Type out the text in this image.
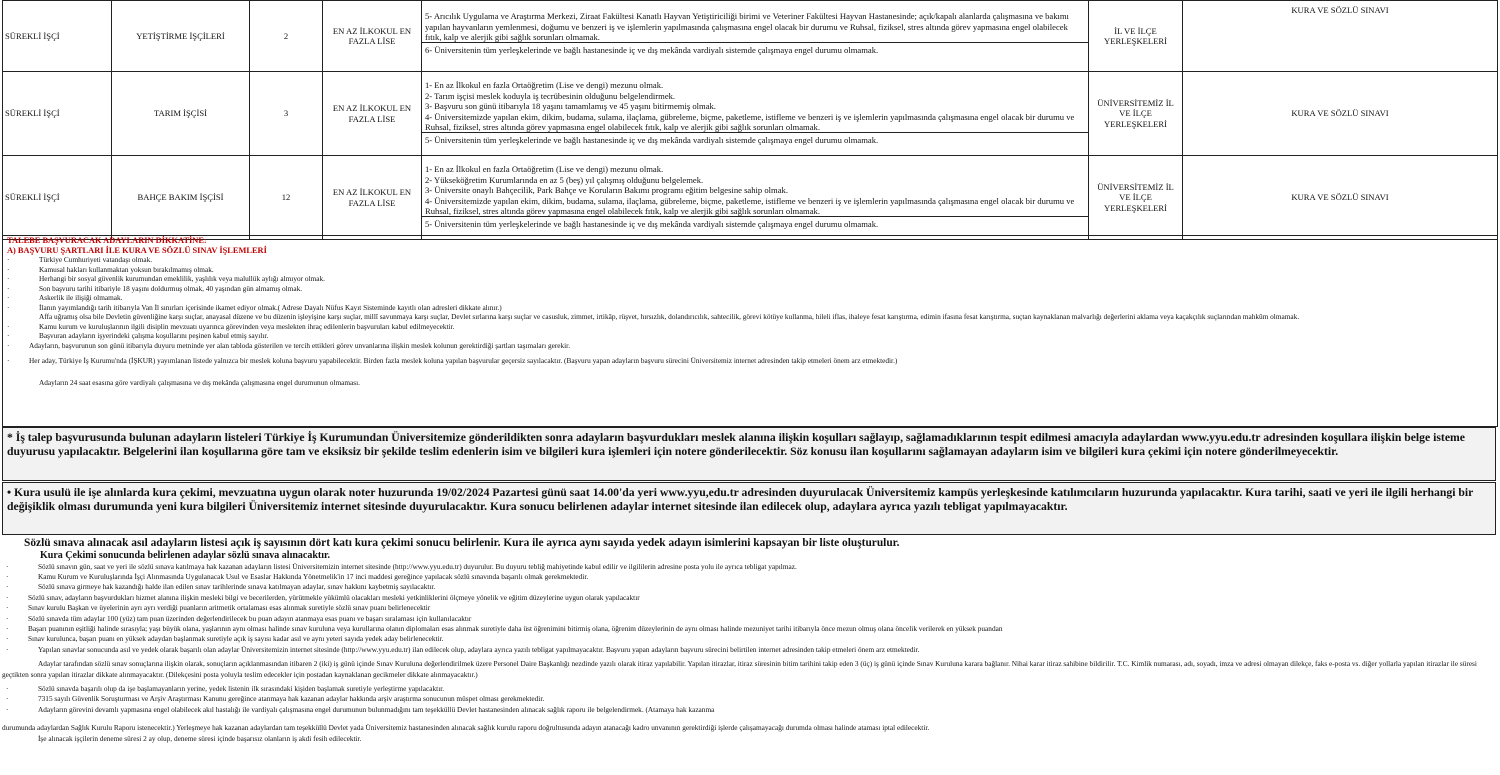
SÜREKLİ İŞÇİ	YETİŞTİRME İŞÇİLERİ	2	EN AZ İLKOKUL EN FAZLA LİSE	5- Arıcılık Uygulama ve Araştırma Merkezi, Ziraat Fakültesi Kanatlı Hayvan Yetiştiriciliği birimi ve Veteriner Fakültesi Hayvan Hastanesinde; açık/kapalı alanlarda çalışmasına ve bakımı yapılan hayvanların yemlenmesi, doğumu ve benzeri iş ve işlemlerin yapılmasında çalışmasına engel olacak bir durumu ve Ruhsal, fiziksel, stres altında görev yapmasına engel olabilecek fıtık, kalp ve alerjik gibi sağlık sorunları olmamak.
6- Üniversitenin tüm yerleşkelerinde ve bağlı hastanesinde iç ve dış mekânda vardiyalı sistemde çalışmaya engel durumu olmamak.	İL VE İLÇE YERLEŞKELERİ	KURA VE SÖZLÜ SINAVI
SÜREKLİ İŞÇİ	TARIM İŞÇİSİ	3	EN AZ İLKOKUL EN FAZLA LİSE	1- En az İlkokul en fazla Ortaöğretim (Lise ve dengi) mezunu olmak.
2- Tarım işçisi meslek koduyla iş tecrübesinin olduğunu belgelendirmek.
3- Başvuru son günü itibarıyla 18 yaşını tamamlamış ve 45 yaşını bitirmemiş olmak.
4- Üniversitemizde yapılan ekim, dikim, budama, sulama, ilaçlama, gübreleme, biçme, paketleme, istifleme ve benzeri iş ve işlemlerin yapılmasında çalışmasına engel olacak bir durumu ve Ruhsal, fiziksel, stres altında görev yapmasına engel olabilecek fıtık, kalp ve alerjik gibi sağlık sorunları olmamak.
5- Üniversitenin tüm yerleşkelerinde ve bağlı hastanesinde iç ve dış mekânda vardiyalı sistemde çalışmaya engel durumu olmamak.	ÜNİVERSİTEMİZ İL VE İLÇE YERLEŞKELERİ	KURA VE SÖZLÜ SINAVI
SÜREKLİ İŞÇİ	BAHÇE BAKIM İŞÇİSİ	12	EN AZ İLKOKUL EN FAZLA LİSE	1- En az İlkokul en fazla Ortaöğretim (Lise ve dengi) mezunu olmak.
2- Yükseköğretim Kurumlarında en az 5 (beş) yıl çalışmış olduğunu belgelemek.
3- Üniversite onaylı Bahçecilik, Park Bahçe ve Koruların Bakımı programı eğitim belgesine sahip olmak.
4- Üniversitemizde yapılan ekim, dikim, budama, sulama, ilaçlama, gübreleme, biçme, paketleme, istifleme ve benzeri iş ve işlemlerin yapılmasında çalışmasına engel olacak bir durumu ve Ruhsal, fiziksel, stres altında görev yapmasına engel olabilecek fıtık, kalp ve alerjik gibi sağlık sorunları olmamak.
5- Üniversitenin tüm yerleşkelerinde ve bağlı hastanesinde iç ve dış mekânda vardiyalı sistemde çalışmaya engel durumu olmamak.	ÜNİVERSİTEMİZ İL VE İLÇE YERLEŞKELERİ	KURA VE SÖZLÜ SINAVI
TALEBE BAŞVURACAK ADAYLARIN DİKKATİNE:
A) BAŞVURU ŞARTLARI İLE KURA VE SÖZLÜ SINAV İŞLEMLERİ
·	Türkiye Cumhuriyeti vatandaşı olmak.
·	Kamusal hakları kullanmaktan yoksun bırakılmamış olmak.
·	Herhangi bir sosyal güvenlik kurumundan emeklilik, yaşlılık veya malullük aylığı almıyor olmak.
·	Son başvuru tarihi itibariyle 18 yaşını doldurmuş olmak, 40 yaşından gün almamış olmak.
·	Askerlik ile ilişiği olmamak.
·	İlanın yayımlandığı tarih itibarıyla Van İl sınırları içerisinde ikamet ediyor olmak.( Adrese Dayalı Nüfus Kayıt Sisteminde kayıtlı olan adresleri dikkate alınır.)
Affa uğramış olsa bile Devletin güvenliğine karşı suçlar, anayasal düzene ve bu düzenin işleyişine karşı suçlar, millî savunmaya karşı suçlar, Devlet sırlarına karşı suçlar ve casusluk, zimmet, irtikâp, rüşvet, hırsızlık, dolandırıcılık, sahtecilik, görevi kötüye kullanma, hileli iflas, ihaleye fesat karıştırma, edimin ifasına fesat karıştırma, suçtan kaynaklanan malvarlığı değerlerini aklama veya kaçakçılık suçlarından mahkûm olmamak.
·	Kamu kurum ve kuruluşlarının ilgili disiplin mevzuatı uyarınca görevinden veya meslekten ihraç edilenlerin başvuruları kabul edilmeyecektir.
·	Başvuran adayların işyerindeki çalışma koşullarını peşinen kabul etmiş sayılır.
·	Adayların, başvurunun son günü itibarıyla duyuru metninde yer alan tabloda gösterilen ve tercih ettikleri görev unvanlarına ilişkin meslek kolunun gerektirdiği şartları taşımaları gerekir.
·	Her aday, Türkiye İş Kurumu'nda (İŞKUR) yayımlanan listede yalnızca bir meslek koluna başvuru yapabilecektir. Birden fazla meslek koluna yapılan başvurular geçersiz sayılacaktır. (Başvuru yapan adayların başvuru sürecini Üniversitemiz internet adresinden takip etmeleri önem arz etmektedir.)
Adayların 24 saat esasına göre vardiyalı çalışmasına ve dış mekânda çalışmasına engel durumunun olmaması.
* İş talep başvurusunda bulunan adayların listeleri Türkiye İş Kurumundan Üniversitemize gönderildikten sonra adayların başvurdukları meslek alanına ilişkin koşulları sağlayıp, sağlamadıklarının tespit edilmesi amacıyla adaylardan www.yyu.edu.tr adresinden koşullara ilişkin belge isteme duyurusu yapılacaktır. Belgelerini ilan koşullarına göre tam ve eksiksiz bir şekilde teslim edenlerin isim ve bilgileri kura işlemleri için notere gönderilecektir. Söz konusu ilan koşullarını sağlamayan adayların isim ve bilgileri kura çekimi için notere gönderilmeyecektir.
• Kura usulü ile işe alınlarda kura çekimi, mevzuatına uygun olarak noter huzurunda 19/02/2024 Pazartesi günü saat 14.00'da yeri www.yyu,edu.tr adresinden duyurulacak Üniversitemiz kampüs yerleşkesinde katılımcıların huzurunda yapılacaktır. Kura tarihi, saati ve yeri ile ilgili herhangi bir değişiklik olması durumunda yeni kura bilgileri Üniversitemiz internet sitesinde duyurulacaktır. Kura sonucu belirlenen adaylar internet sitesinde ilan edilecek olup, adaylara ayrıca yazılı tebligat yapılmayacaktır.
Sözlü sınava alınacak asıl adayların listesi açık iş sayısının dört katı kura çekimi sonucu belirlenir. Kura ile ayrıca aynı sayıda yedek adayın isimlerini kapsayan bir liste oluşturulur.
Kura Çekimi sonucunda belirlenen adaylar sözlü sınava alınacaktır.
·	Sözlü sınavın gün, saat ve yeri ile sözlü sınava katılmaya hak kazanan adayların listesi Üniversitemizin internet sitesinde (http://www.yyu.edu.tr) duyurulur. Bu duyuru tebliğ mahiyetinde kabul edilir ve ilgililerin adresine posta yolu ile ayrıca tebligat yapılmaz.
·	Kamu Kurum ve Kuruluşlarında İşçi Alınmasında Uygulanacak Usul ve Esaslar Hakkında Yönetmelik'in 17 inci maddesi gereğince yapılacak sözlü sınavında başarılı olmak gerekmektedir.
·	Sözlü sınava girmeye hak kazandığı halde ilan edilen sınav tarihlerinde sınava katılmayan adaylar, sınav hakkını kaybetmiş sayılacaktır.
·	Sözlü sınav, adayların başvurdukları hizmet alanına ilişkin mesleki bilgi ve becerilerden, yürütmekle yükümlü olacakları mesleki yetkinliklerini ölçmeye yönelik ve eğitim düzeylerine uygun olarak yapılacaktır
·	Sınav kurulu Başkan ve üyelerinin ayrı ayrı verdiği puanların aritmetik ortalaması esas alınmak suretiyle sözlü sınav puanı belirlenecektir
·	Sözlü sınavda tüm adaylar 100 (yüz) tam puan üzerinden değerlendirilecek bu puan adayın atanmaya esas puanı ve başarı sıralaması için kullanılacaktır
·	Başarı puanının eşitliği halinde sırasıyla; yaşı büyük olana, yaşlarının aynı olması halinde sınav kuruluna veya kurullarına olanın diplomaları esas alınmak suretiyle daha üst öğrenimini bitirmiş olana, öğrenim düzeylerinin de aynı olması halinde mezuniyet tarihi itibarıyla önce mezun olmuş olana öncelik verilerek en yüksek puandan
·	Sınav kurulunca, başarı puanı en yüksek adaydan başlanmak suretiyle açık iş sayısı kadar asıl ve aynı yeteri sayıda yedek aday belirlenecektir.
·	Yapılan sınavlar sonucunda asıl ve yedek olarak başarılı olan adaylar Üniversitemizin internet sitesinde (http://www.yyu.edu.tr) ilan edilecek olup, adaylara ayrıca yazılı tebligat yapılmayacaktır. Başvuru yapan adayların başvuru sürecini belirtilen internet adresinden takip etmeleri önem arz etmektedir.
Adaylar tarafından sözlü sınav sonuçlarına ilişkin olarak, sonuçların açıklanmasından itibaren 2 (iki) iş günü içinde Sınav Kuruluna değerlendirilmek üzere Personel Daire Başkanlığı nezdinde yazılı olarak itiraz yapılabilir. Yapılan itirazlar, itiraz süresinin bitim tarihini takip eden 3 (üç) iş günü içinde Sınav Kuruluna karara bağlanır. Nihai karar itiraz sahibine bildirilir. T.C. Kimlik numarası, adı, soyadı, imza ve adresi olmayan dilekçe, faks e-posta vs. diğer yollarla yapılan itirazlar ile süresi geçtikten sonra yapılan itirazlar dikkate alınmayacaktır. (Dilekçesini posta yoluyla teslim edecekler için postadan kaynaklanan gecikmeler dikkate alınmayacaktır.)
·	Sözlü sınavda başarılı olup da işe başlamayanların yerine, yedek listenin ilk sırasındaki kişiden başlamak suretiyle yerleştirme yapılacaktır.
·	7315 sayılı Güvenlik Soruşturması ve Arşiv Araştırması Kanunu gereğince atanmaya hak kazanan adaylar hakkında arşiv araştırma sonucunun müspet olması gerekmektedir.
·	Adayların görevini devamlı yapmasına engel olabilecek akıl hastalığı ile vardiyalı çalışmasına engel durumunun bulunmadığını tam teşekküllü Devlet hastanesinden alınacak sağlık raporu ile belgelendirmek. (Atamaya hak kazanma
durumunda adaylardan Sağlık Kurulu Raporu istenecektir.) Yerleşmeye hak kazanan adaylardan tam teşekküllü Devlet yada Üniversitemiz hastanesinden alınacak sağlık kurulu raporu doğrultusunda adayın atanacağı kadro unvanının gerektirdiği işlerde çalışamayacağı durumda olması halinde ataması iptal edilecektir.
İşe alınacak işçilerin deneme süresi 2 ay olup, deneme süresi içinde başarısız olanların iş akdi fesih edilecektir.
